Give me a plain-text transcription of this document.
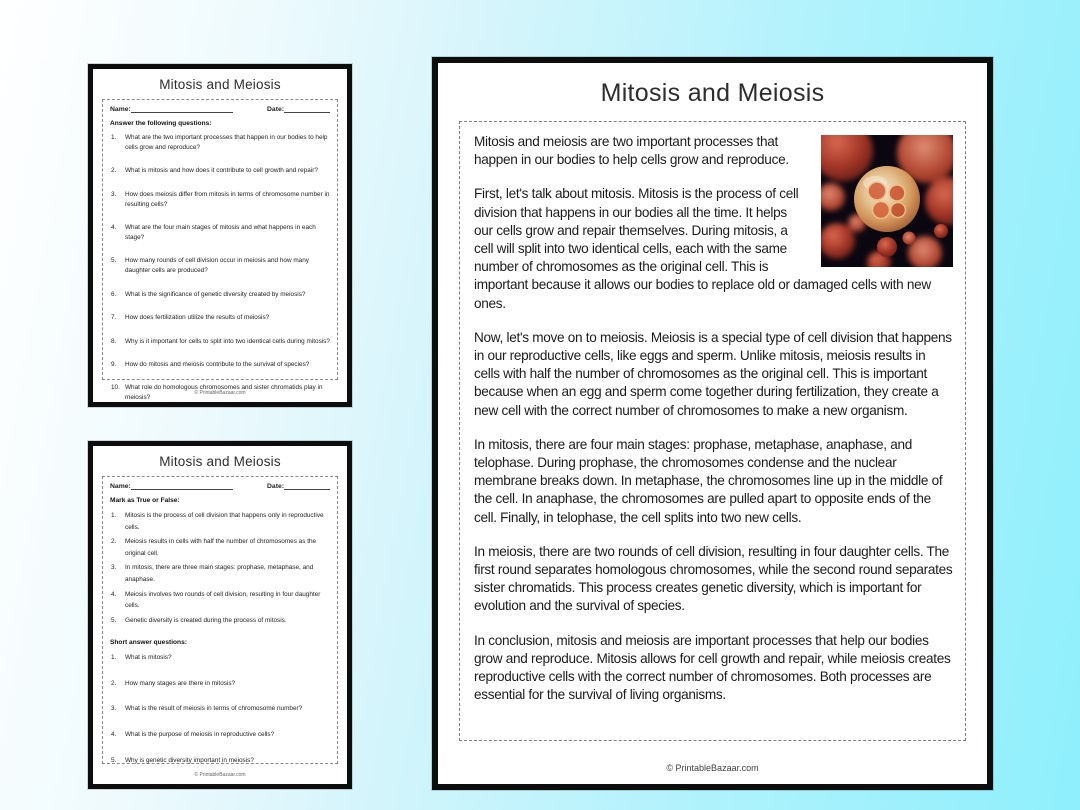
Mitosis and Meiosis
Name:	Date:
Answer the following questions:
What are the two important processes that happen in our bodies to help cells grow and reproduce?
What is mitosis and how does it contribute to cell growth and repair?
How does meiosis differ from mitosis in terms of chromosome number in resulting cells?
What are the four main stages of mitosis and what happens in each stage?
How many rounds of cell division occur in meiosis and how many daughter cells are produced?
What is the significance of genetic diversity created by meiosis?
How does fertilization utilize the results of meiosis?
Why is it important for cells to split into two identical cells during mitosis?
How do mitosis and meiosis contribute to the survival of species?
What role do homologous chromosomes and sister chromatids play in meiosis?
© PrintableBazaar.com
Mitosis and Meiosis
Name:	Date:
Mark as True or False:
Mitosis is the process of cell division that happens only in reproductive cells.
Meiosis results in cells with half the number of chromosomes as the original cell.
In mitosis, there are three main stages: prophase, metaphase, and anaphase.
Meiosis involves two rounds of cell division, resulting in four daughter cells.
Genetic diversity is created during the process of mitosis.
Short answer questions:
What is mitosis?
How many stages are there in mitosis?
What is the result of meiosis in terms of chromosome number?
What is the purpose of meiosis in reproductive cells?
Why is genetic diversity important in meiosis?
© PrintableBazaar.com
Mitosis and Meiosis

Mitosis and meiosis are two important processes that happen in our bodies to help cells grow and reproduce.

First, let's talk about mitosis. Mitosis is the process of cell division that happens in our bodies all the time. It helps our cells grow and repair themselves. During mitosis, a cell will split into two identical cells, each with the same number of chromosomes as the original cell. This is important because it allows our bodies to replace old or damaged cells with new ones.

Now, let's move on to meiosis. Meiosis is a special type of cell division that happens in our reproductive cells, like eggs and sperm. Unlike mitosis, meiosis results in cells with half the number of chromosomes as the original cell. This is important because when an egg and sperm come together during fertilization, they create a new cell with the correct number of chromosomes to make a new organism.

In mitosis, there are four main stages: prophase, metaphase, anaphase, and telophase. During prophase, the chromosomes condense and the nuclear membrane breaks down. In metaphase, the chromosomes line up in the middle of the cell. In anaphase, the chromosomes are pulled apart to opposite ends of the cell. Finally, in telophase, the cell splits into two new cells.

In meiosis, there are two rounds of cell division, resulting in four daughter cells. The first round separates homologous chromosomes, while the second round separates sister chromatids. This process creates genetic diversity, which is important for evolution and the survival of species.

In conclusion, mitosis and meiosis are important processes that help our bodies grow and reproduce. Mitosis allows for cell growth and repair, while meiosis creates reproductive cells with the correct number of chromosomes. Both processes are essential for the survival of living organisms.

© PrintableBazaar.com
